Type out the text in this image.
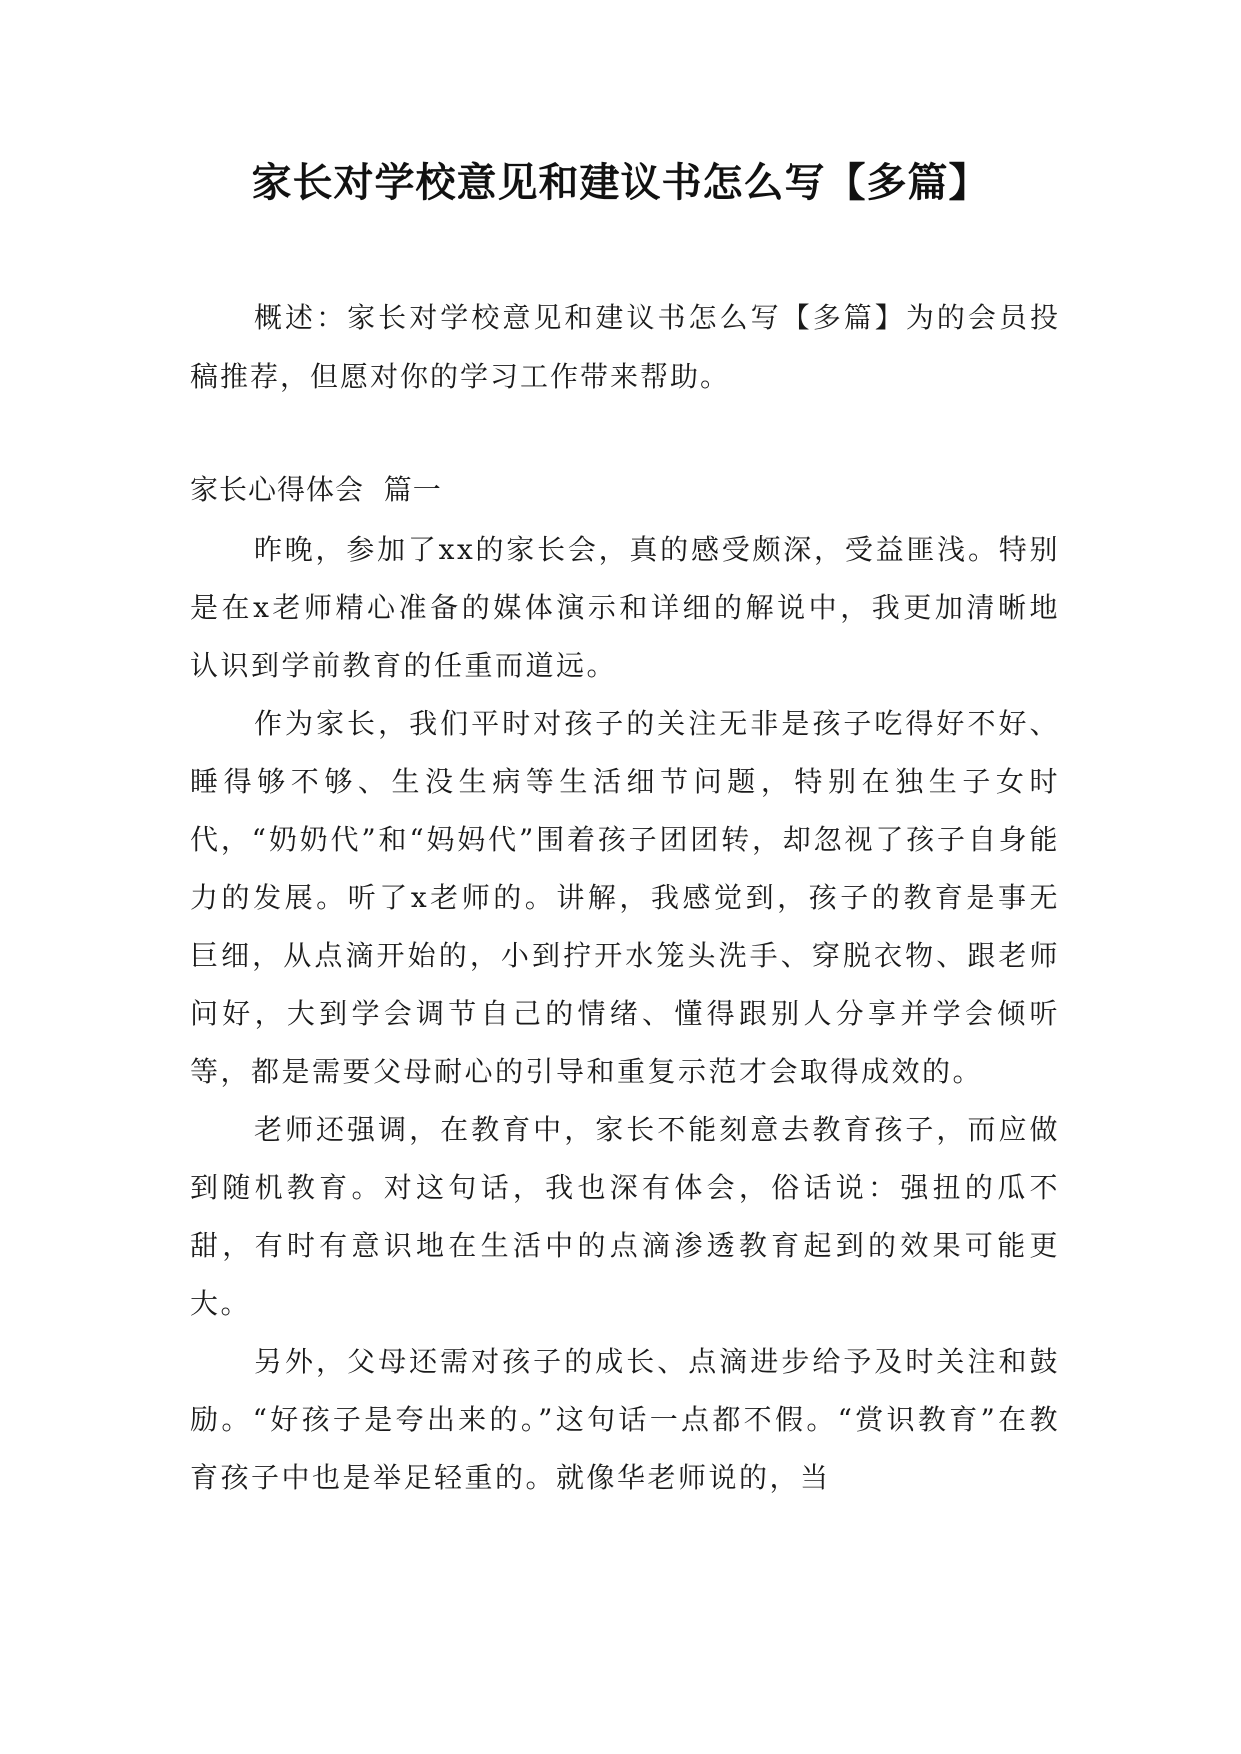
家长对学校意见和建议书怎么写【多篇】

概述：家长对学校意见和建议书怎么写【多篇】为的会员投稿推荐，但愿对你的学习工作带来帮助。

家长心得体会  篇一

昨晚，参加了xx的家长会，真的感受颇深，受益匪浅。特别是在x老师精心准备的媒体演示和详细的解说中，我更加清晰地认识到学前教育的任重而道远。

作为家长，我们平时对孩子的关注无非是孩子吃得好不好、睡得够不够、生没生病等生活细节问题，特别在独生子女时代，“奶奶代”和“妈妈代”围着孩子团团转，却忽视了孩子自身能力的发展。听了x老师的。讲解，我感觉到，孩子的教育是事无巨细，从点滴开始的，小到拧开水笼头洗手、穿脱衣物、跟老师问好，大到学会调节自己的情绪、懂得跟别人分享并学会倾听等，都是需要父母耐心的引导和重复示范才会取得成效的。

老师还强调，在教育中，家长不能刻意去教育孩子，而应做到随机教育。对这句话，我也深有体会，俗话说：强扭的瓜不甜，有时有意识地在生活中的点滴渗透教育起到的效果可能更大。

另外，父母还需对孩子的成长、点滴进步给予及时关注和鼓励。“好孩子是夸出来的。”这句话一点都不假。“赏识教育”在教育孩子中也是举足轻重的。就像华老师说的，当
